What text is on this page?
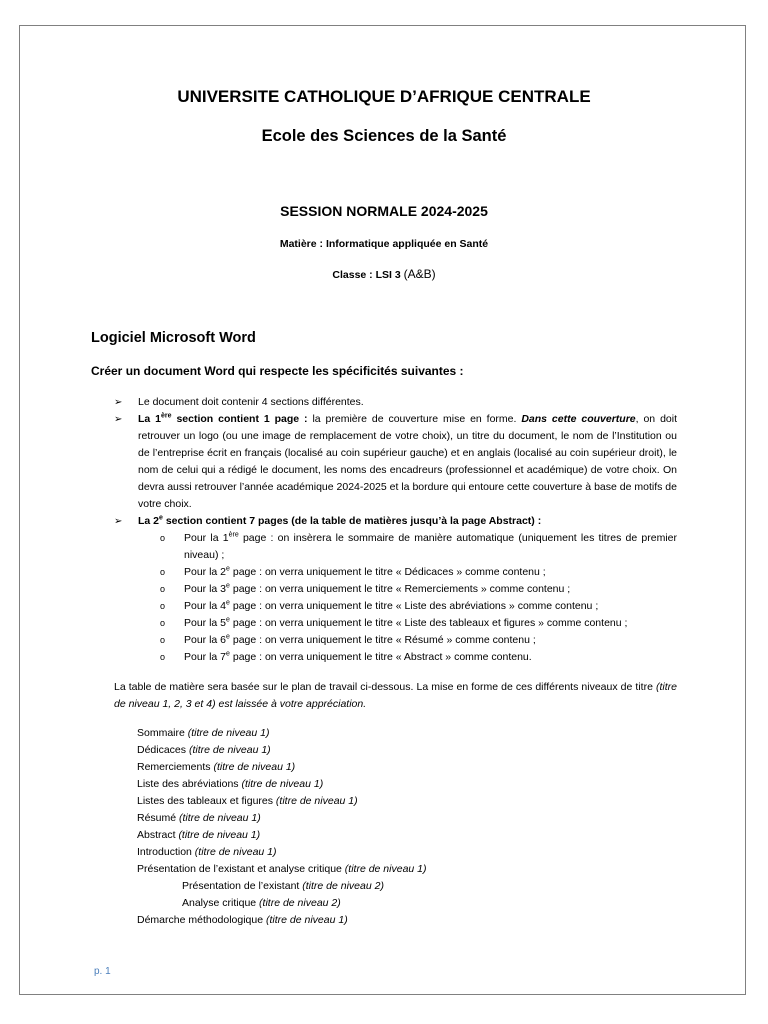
UNIVERSITE CATHOLIQUE D’AFRIQUE CENTRALE
Ecole des Sciences de la Santé
SESSION NORMALE 2024-2025
Matière : Informatique appliquée en Santé
Classe : LSI 3 (A&B)
Logiciel Microsoft Word
Créer un document Word qui respecte les spécificités suivantes :
➢ Le document doit contenir 4 sections différentes.
➢ La 1ère section contient 1 page : la première de couverture mise en forme. Dans cette couverture, on doit retrouver un logo (ou une image de remplacement de votre choix), un titre du document, le nom de l’Institution ou de l’entreprise écrit en français (localisé au coin supérieur gauche) et en anglais (localisé au coin supérieur droit), le nom de celui qui a rédigé le document, les noms des encadreurs (professionnel et académique) de votre choix. On devra aussi retrouver l’année académique 2024-2025 et la bordure qui entoure cette couverture à base de motifs de votre choix.
➢ La 2e section contient 7 pages (de la table de matières jusqu’à la page Abstract) :
o Pour la 1ère page : on insèrera le sommaire de manière automatique (uniquement les titres de premier niveau) ;
o Pour la 2e page : on verra uniquement le titre « Dédicaces » comme contenu ;
o Pour la 3e page : on verra uniquement le titre « Remerciements » comme contenu ;
o Pour la 4e page : on verra uniquement le titre « Liste des abréviations » comme contenu ;
o Pour la 5e page : on verra uniquement le titre « Liste des tableaux et figures » comme contenu ;
o Pour la 6e page : on verra uniquement le titre « Résumé » comme contenu ;
o Pour la 7e page : on verra uniquement le titre « Abstract » comme contenu.
La table de matière sera basée sur le plan de travail ci-dessous. La mise en forme de ces différents niveaux de titre (titre de niveau 1, 2, 3 et 4) est laissée à votre appréciation.
Sommaire (titre de niveau 1)
Dédicaces (titre de niveau 1)
Remerciements (titre de niveau 1)
Liste des abréviations (titre de niveau 1)
Listes des tableaux et figures (titre de niveau 1)
Résumé (titre de niveau 1)
Abstract (titre de niveau 1)
Introduction (titre de niveau 1)
Présentation de l’existant et analyse critique (titre de niveau 1)
Présentation de l’existant (titre de niveau 2)
Analyse critique (titre de niveau 2)
Démarche méthodologique (titre de niveau 1)
p. 1
